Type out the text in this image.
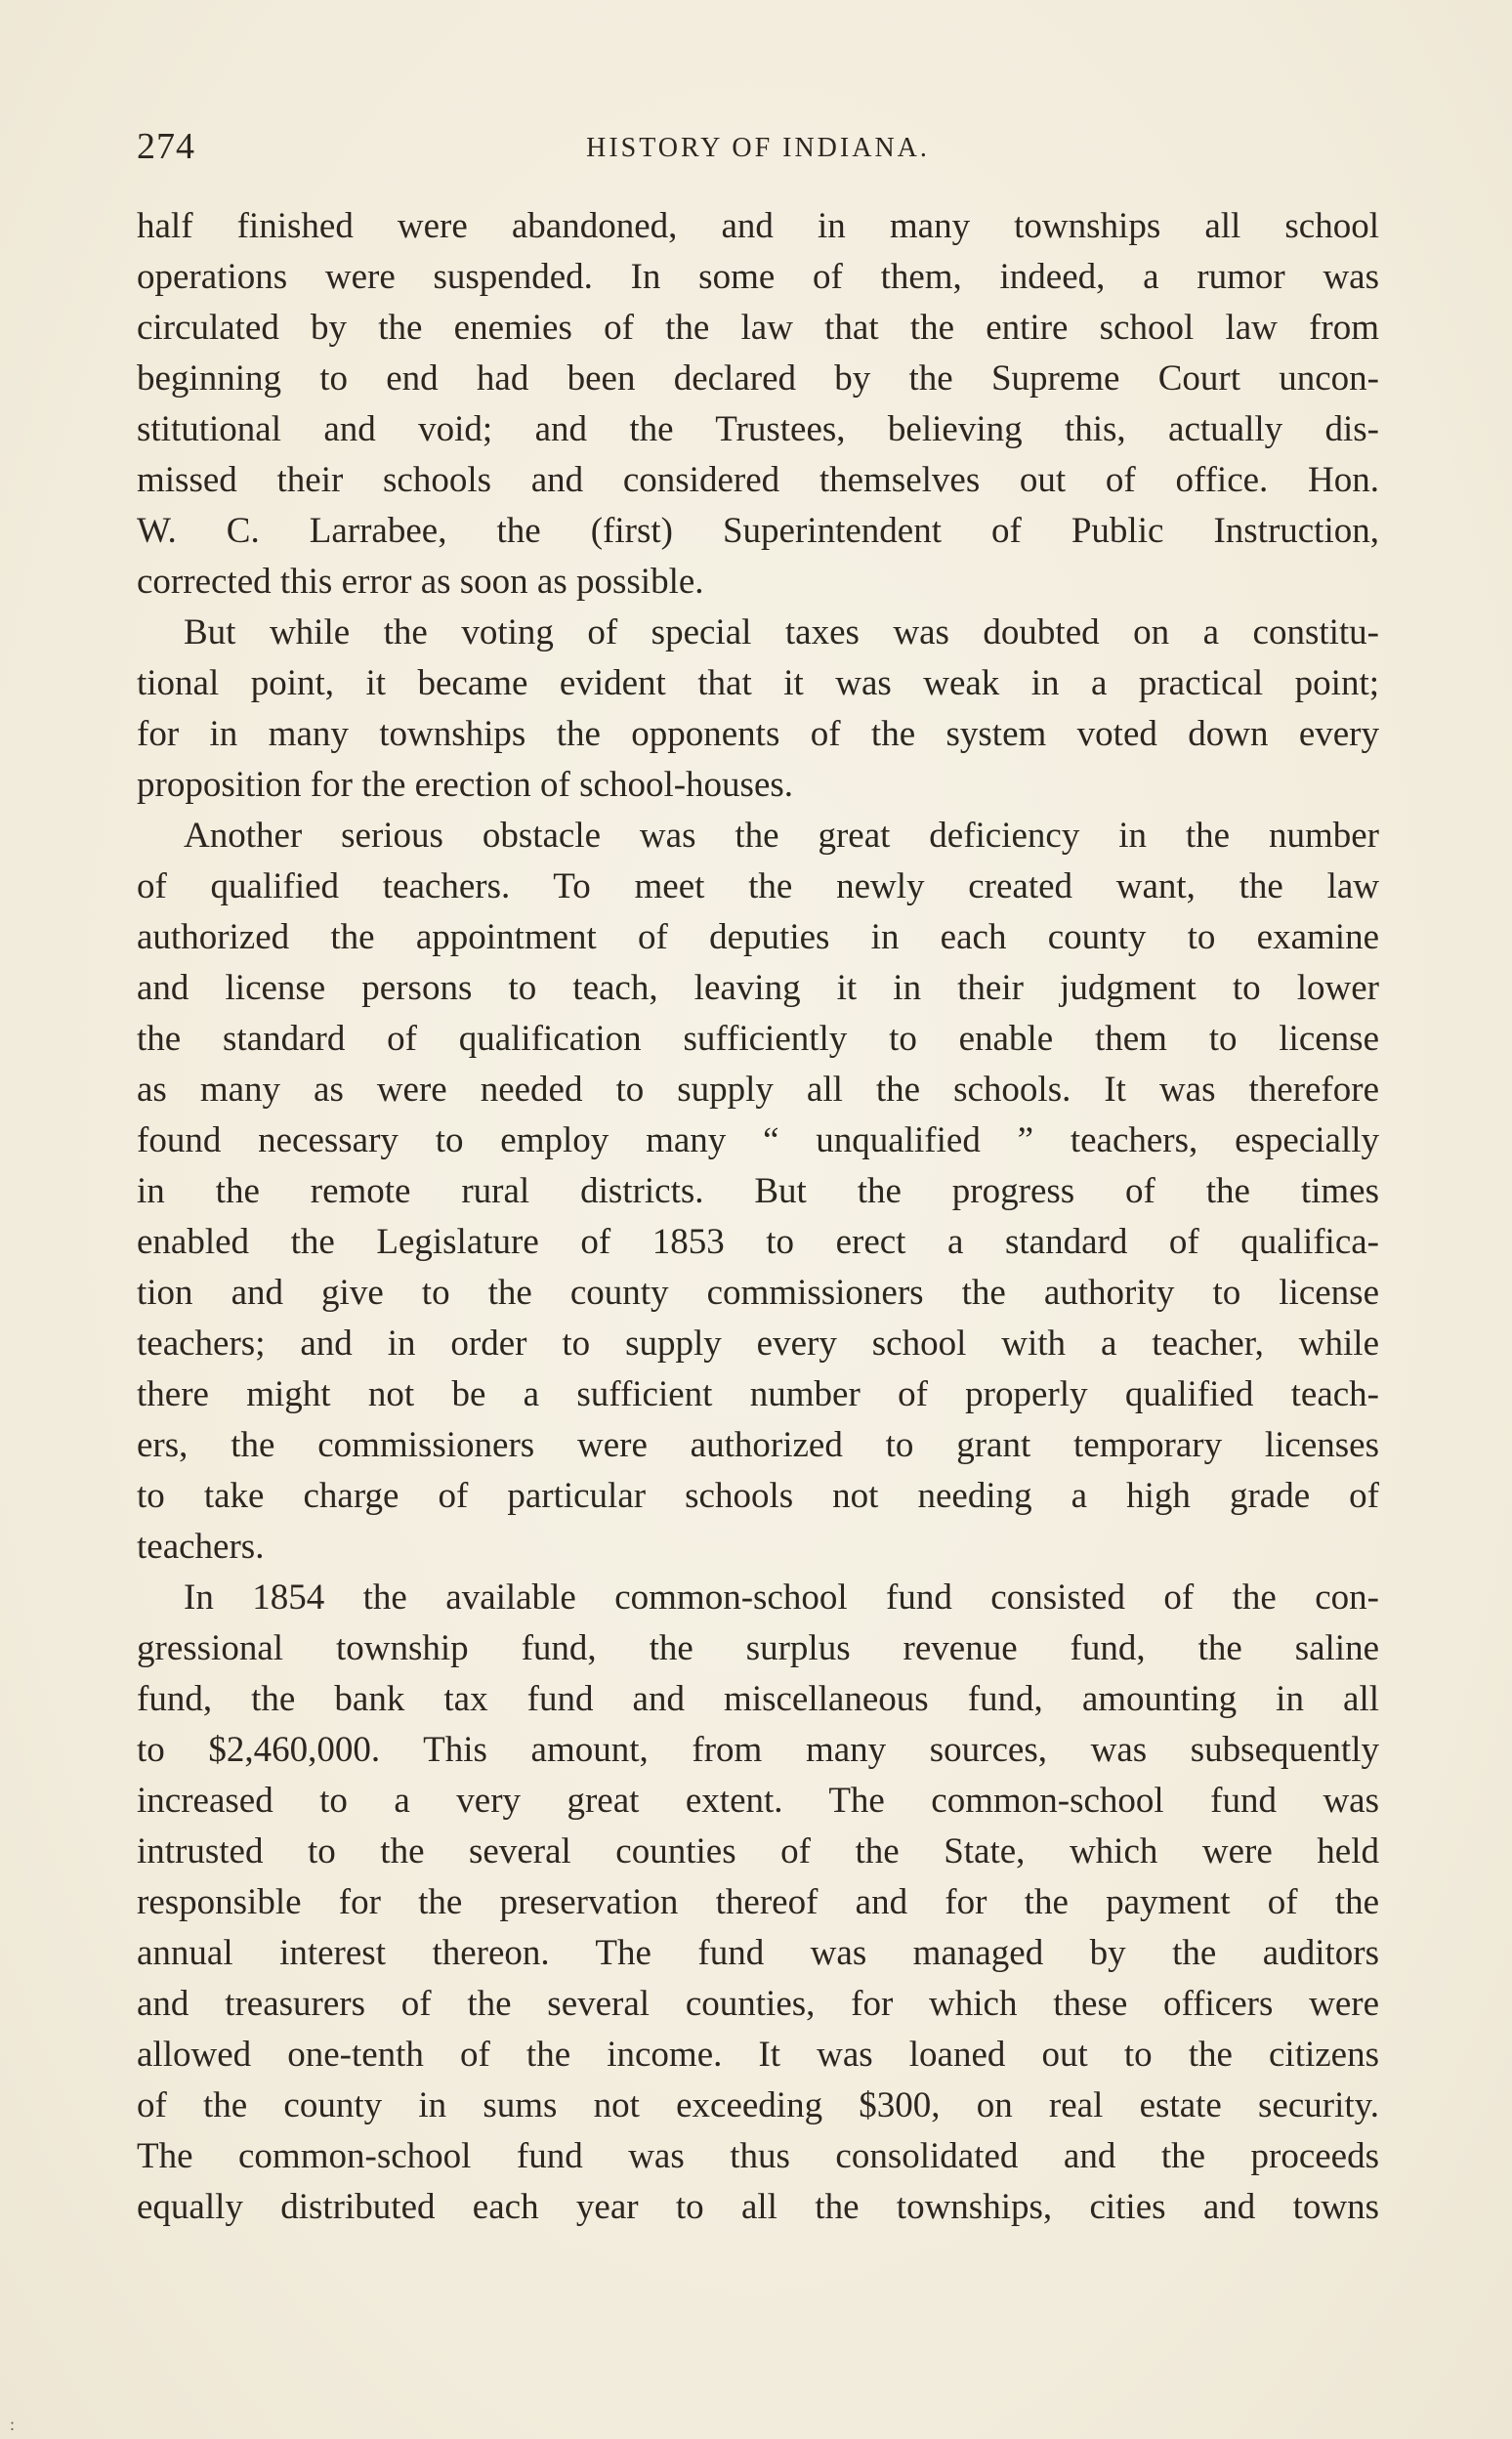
274	HISTORY OF INDIANA.

half finished were abandoned, and in many townships all school
operations were suspended. In some of them, indeed, a rumor was
circulated by the enemies of the law that the entire school law from
beginning to end had been declared by the Supreme Court uncon-
stitutional and void; and the Trustees, believing this, actually dis-
missed their schools and considered themselves out of office. Hon.
W. C. Larrabee, the (first) Superintendent of Public Instruction,
corrected this error as soon as possible.

But while the voting of special taxes was doubted on a constitu-
tional point, it became evident that it was weak in a practical point;
for in many townships the opponents of the system voted down every
proposition for the erection of school-houses.

Another serious obstacle was the great deficiency in the number
of qualified teachers. To meet the newly created want, the law
authorized the appointment of deputies in each county to examine
and license persons to teach, leaving it in their judgment to lower
the standard of qualification sufficiently to enable them to license
as many as were needed to supply all the schools. It was therefore
found necessary to employ many “ unqualified ” teachers, especially
in the remote rural districts. But the progress of the times
enabled the Legislature of 1853 to erect a standard of qualifica-
tion and give to the county commissioners the authority to license
teachers; and in order to supply every school with a teacher, while
there might not be a sufficient number of properly qualified teach-
ers, the commissioners were authorized to grant temporary licenses
to take charge of particular schools not needing a high grade of
teachers.

In 1854 the available common-school fund consisted of the con-
gressional township fund, the surplus revenue fund, the saline
fund, the bank tax fund and miscellaneous fund, amounting in all
to $2,460,000. This amount, from many sources, was subsequently
increased to a very great extent. The common-school fund was
intrusted to the several counties of the State, which were held
responsible for the preservation thereof and for the payment of the
annual interest thereon. The fund was managed by the auditors
and treasurers of the several counties, for which these officers were
allowed one-tenth of the income. It was loaned out to the citizens
of the county in sums not exceeding $300, on real estate security.
The common-school fund was thus consolidated and the proceeds
equally distributed each year to all the townships, cities and towns

:
